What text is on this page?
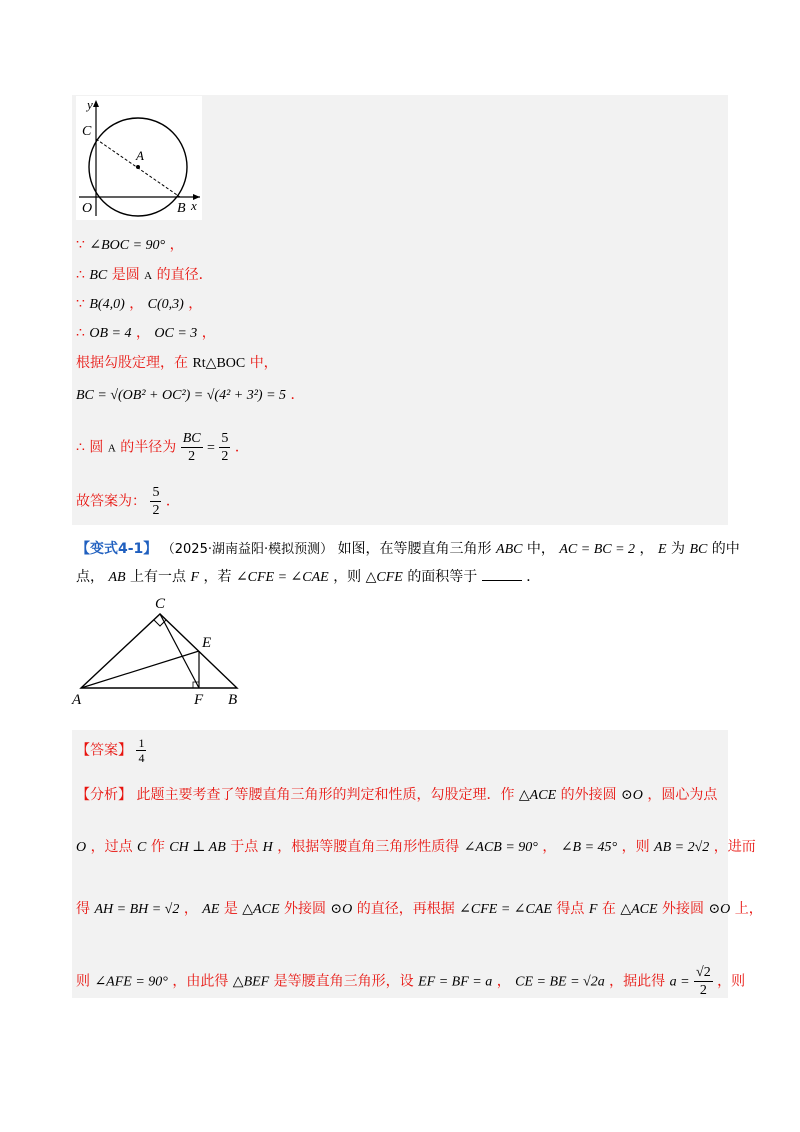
y
C
A
O	B x
∵ ∠BOC = 90° ，
∴ BC 是圆 A 的直径．
∵ B(4,0) ， C(0,3) ，
∴ OB = 4 ， OC = 3 ，
根据勾股定理，在 Rt△BOC 中，
BC = √(OB² + OC²) = √(4² + 3²) = 5 ．
∴ 圆 A 的半径为 $\frac{BC}{2} = \frac{5}{2}$ ．
故答案为： $\frac{5}{2}$ ．
【变式4-1】 （2025·湖南益阳·模拟预测） 如图，在等腰直角三角形 ABC 中， AC = BC = 2 ， E 为 BC 的中
点， AB 上有一点 F ，若 ∠CFE = ∠CAE ，则 △CFE 的面积等于	．
C
E
A	F B
【答案】 $\frac{1}{4}$
【分析】 此题主要考查了等腰直角三角形的判定和性质，勾股定理．作 △ACE 的外接圆 ⊙O ，圆心为点
O ，过点 C 作 CH ⊥ AB 于点 H ，根据等腰直角三角形性质得 ∠ACB = 90° ， ∠B = 45° ，则 AB = 2√2 ，进而
得 AH = BH = √2 ， AE 是 △ACE 外接圆 ⊙O 的直径，再根据 ∠CFE = ∠CAE 得点 F 在 △ACE 外接圆 ⊙O 上，
则 ∠AFE = 90° ，由此得 △BEF 是等腰直角三角形，设 EF = BF = a ， CE = BE = √2a ，据此得 $a = \frac{√2}{2}$ ，则
